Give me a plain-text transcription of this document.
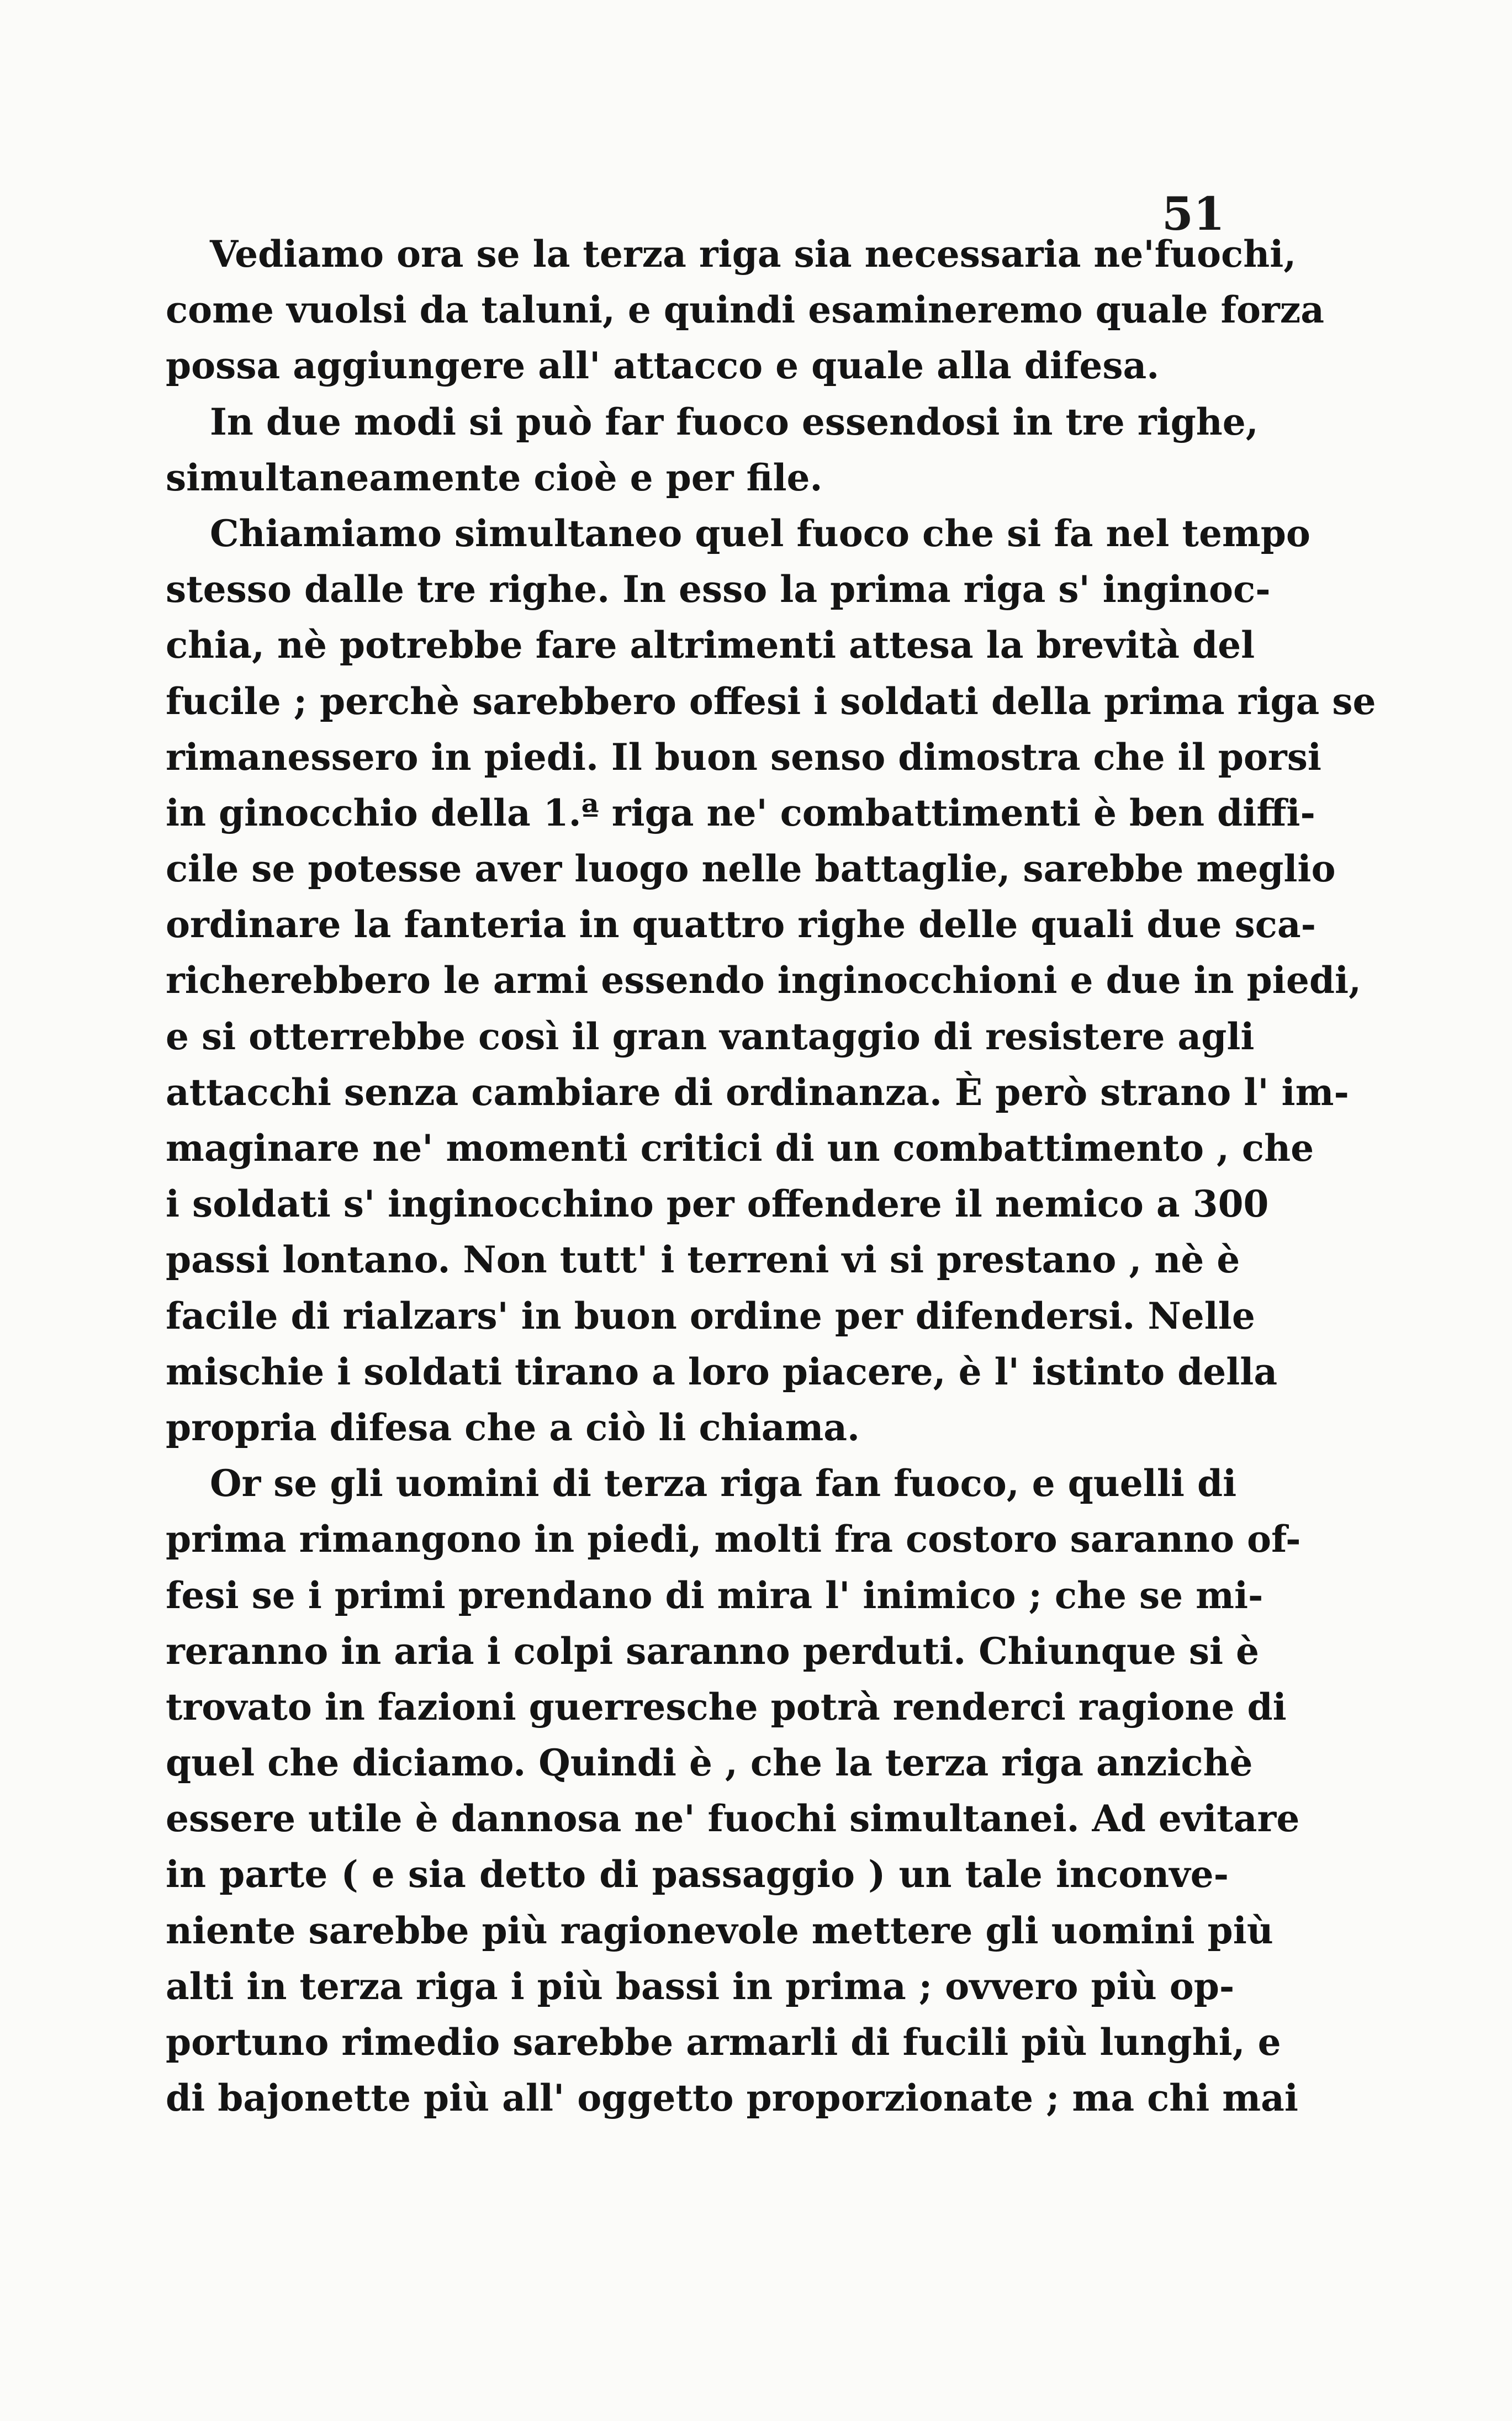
51
Vediamo ora se la terza riga sia necessaria ne'fuochi,
come vuolsi da taluni, e quindi esamineremo quale forza
possa aggiungere all' attacco e quale alla difesa.
In due modi si può far fuoco essendosi in tre righe,
simultaneamente cioè e per file.
Chiamiamo simultaneo quel fuoco che si fa nel tempo
stesso dalle tre righe. In esso la prima riga s' inginoc-
chia, nè potrebbe fare altrimenti attesa la brevità del
fucile ; perchè sarebbero offesi i soldati della prima riga se
rimanessero in piedi. Il buon senso dimostra che il porsi
in ginocchio della 1.ª riga ne' combattimenti è ben diffi-
cile se potesse aver luogo nelle battaglie, sarebbe meglio
ordinare la fanteria in quattro righe delle quali due sca-
richerebbero le armi essendo inginocchioni e due in piedi,
e si otterrebbe così il gran vantaggio di resistere agli
attacchi senza cambiare di ordinanza. È però strano l' im-
maginare ne' momenti critici di un combattimento , che
i soldati s' inginocchino per offendere il nemico a 300
passi lontano. Non tutt' i terreni vi si prestano , nè è
facile di rialzars' in buon ordine per difendersi. Nelle
mischie i soldati tirano a loro piacere, è l' istinto della
propria difesa che a ciò li chiama.
Or se gli uomini di terza riga fan fuoco, e quelli di
prima rimangono in piedi, molti fra costoro saranno of-
fesi se i primi prendano di mira l' inimico ; che se mi-
reranno in aria i colpi saranno perduti. Chiunque si è
trovato in fazioni guerresche potrà renderci ragione di
quel che diciamo. Quindi è , che la terza riga anzichè
essere utile è dannosa ne' fuochi simultanei. Ad evitare
in parte ( e sia detto di passaggio ) un tale inconve-
niente sarebbe più ragionevole mettere gli uomini più
alti in terza riga i più bassi in prima ; ovvero più op-
portuno rimedio sarebbe armarli di fucili più lunghi, e
di bajonette più all' oggetto proporzionate ; ma chi mai
